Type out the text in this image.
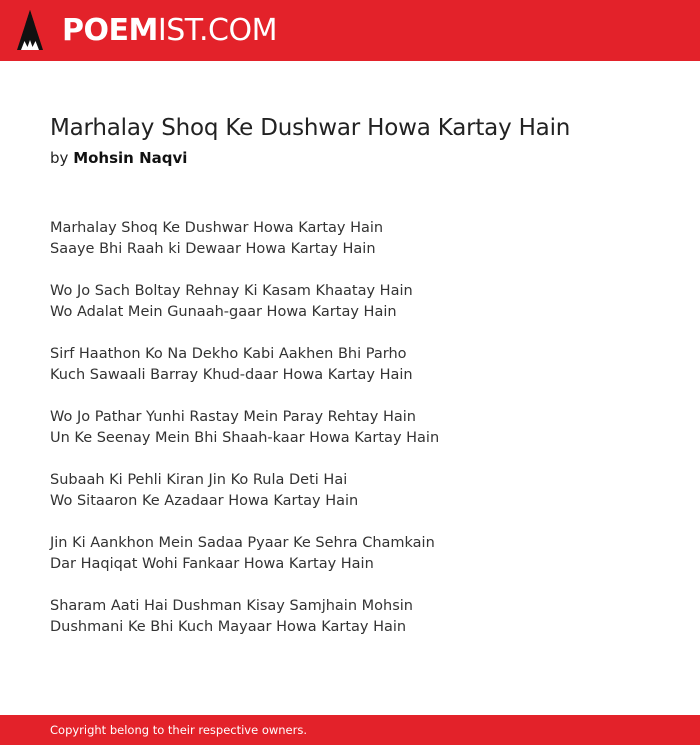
POEMIST.COM
Marhalay Shoq Ke Dushwar Howa Kartay Hain
by Mohsin Naqvi
Marhalay Shoq Ke Dushwar Howa Kartay Hain
Saaye Bhi Raah ki Dewaar Howa Kartay Hain
Wo Jo Sach Boltay Rehnay Ki Kasam Khaatay Hain
Wo Adalat Mein Gunaah-gaar Howa Kartay Hain
Sirf Haathon Ko Na Dekho Kabi Aakhen Bhi Parho
Kuch Sawaali Barray Khud-daar Howa Kartay Hain
Wo Jo Pathar Yunhi Rastay Mein Paray Rehtay Hain
Un Ke Seenay Mein Bhi Shaah-kaar Howa Kartay Hain
Subaah Ki Pehli Kiran Jin Ko Rula Deti Hai
Wo Sitaaron Ke Azadaar Howa Kartay Hain
Jin Ki Aankhon Mein Sadaa Pyaar Ke Sehra Chamkain
Dar Haqiqat Wohi Fankaar Howa Kartay Hain
Sharam Aati Hai Dushman Kisay Samjhain Mohsin
Dushmani Ke Bhi Kuch Mayaar Howa Kartay Hain
Copyright belong to their respective owners.
